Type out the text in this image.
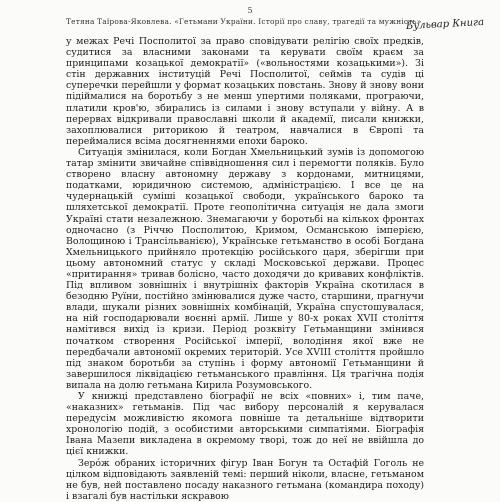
5
Тетяна Таїрова-Яковлева. «Гетьмани України. Історії про славу, трагедії та мужність»
Бульвар Книга

у межах Речі Посполитої за право сповідувати релігію своїх предків, судитися за власними законами та керувати своїм краєм за принципами козацької демократії» («вольностями козацькими»). Зі стін державних інституцій Речі Посполитої, сеймів та судів ці суперечки перейшли у формат козацьких повстань. Знову й знову вони підіймалися на боротьбу з не менш упертими поляками, програючи, платили кров'ю, збирались із силами і знову вступали у війну. А в перервах відкривали православні школи й академії, писали книжки, захоплювалися риторикою й театром, навчалися в Європі та переймалися всіма досягненнями епохи бароко.

Ситуація змінилася, коли Богдан Хмельницький зумів із допомогою татар змінити звичайне співвідношення сил і перемогти поляків. Було створено власну автономну державу з кордонами, митницями, податками, юридичною системою, адміністрацією. І все це на чудернацькій суміші козацької свободи, українського бароко та шляхетської демократії. Проте геополітична ситуація не дала змоги Україні стати незалежною. Знемагаючи у боротьбі на кількох фронтах одночасно (з Річчю Посполитою, Кримом, Османською імперією, Волощиною і Трансільванією), Українське гетьманство в особі Богдана Хмельницького прийняло протекцію російського царя, зберігши при цьому автономний статус у складі Московської держави. Процес «притирання» тривав болісно, часто доходячи до кривавих конфліктів. Під впливом зовнішніх і внутрішніх факторів Україна скотилася в безодню Руїни, постійно змінювалися дуже часто, старшини, прагнучи влади, шукали різних зовнішніх комбінацій, Україна спустошувалася, на ній господарювали воєнні армії. Лише у 80-х роках XVII століття намітився вихід із кризи. Період розквіту Гетьманщини змінився початком створення Російської імперії, володіння якої вже не передбачали автономії окремих територій. Усе XVIII століття пройшло під знаком боротьби за ступінь і форму автономії Гетьманщини й завершилося ліквідацією гетьманського правління. Ця трагічна подія випала на долю гетьмана Кирила Розумовського.

У книжці представлено біографії не всіх «повних» і, тим паче, «наказних» гетьманів. Під час вибору персоналій я керувалася передусім можливістю якомога повніше та детальніше відтворити хронологію подій, з особистими авторськими симпатіями. Біографія Івана Мазепи викладена в окремому творі, тож до неї не ввійшла до цієї книжки.

Зеро́ж обраних історичних фігур Іван Богун та Остафій Гоголь не цілком відповідають заявленій темі: перший ніколи, власне, гетьманом не був, ней поставлено посаду наказного гетьмана (командира походу) і взагалі був настільки яскравою
